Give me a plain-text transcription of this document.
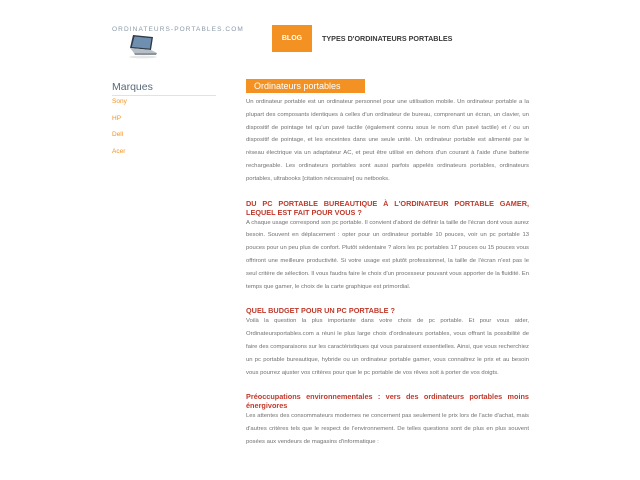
ORDINATEURS-PORTABLES.COM
BLOG	TYPES D'ORDINATEURS PORTABLES
Marques
Sony
HP
Dell
Acer
Ordinateurs portables

Un ordinateur portable est un ordinateur personnel pour une utilisation mobile. Un ordinateur portable a la plupart des composants identiques à celles d'un ordinateur de bureau, comprenant un écran, un clavier, un dispositif de pointage tel qu'un pavé tactile (également connu sous le nom d'un pavé tactile) et / ou un dispositif de pointage, et les enceintes dans une seule unité. Un ordinateur portable est alimenté par le réseau électrique via un adaptateur AC, et peut être utilisé en dehors d'un courant à l'aide d'une batterie rechargeable. Les ordinateurs portables sont aussi parfois appelés ordinateurs portables, ordinateurs portables, ultrabooks [citation nécessaire] ou netbooks.

DU PC PORTABLE BUREAUTIQUE À L'ORDINATEUR PORTABLE GAMER, LEQUEL EST FAIT POUR VOUS ?

A chaque usage correspond son pc portable. Il convient d'abord de définir la taille de l'écran dont vous aurez besoin. Souvent en déplacement : opter pour un ordinateur portable 10 pouces, voir un pc portable 13 pouces pour un peu plus de confort. Plutôt sédentaire ? alors les pc portables 17 pouces ou 15 pouces vous offriront une meilleure productivité. Si votre usage est plutôt professionnel, la taille de l'écran n'est pas le seul critère de sélection. Il vous faudra faire le choix d'un processeur pouvant vous apporter de la fluidité. En temps que gamer, le choix de la carte graphique est primordial.

QUEL BUDGET POUR UN PC PORTABLE ?

Voilà la question la plus importante dans votre choix de pc portable. Et pour vous aider, Ordinateursportables.com a réuni le plus large choix d'ordinateurs portables, vous offrant la possibilité de faire des comparaisons sur les caractéristiques qui vous paraissent essentielles. Ainsi, que vous recherchiez un pc portable bureautique, hybride ou un ordinateur portable gamer, vous connaitrez le prix et au besoin vous pourrez ajuster vos critères pour que le pc portable de vos rêves soit à porter de vos doigts.

Préoccupations environnementales : vers des ordinateurs portables moins énergivores

Les attentes des consommateurs modernes ne concernent pas seulement le prix lors de l'acte d'achat, mais d'autres critères tels que le respect de l'environnement. De telles questions sont de plus en plus souvent posées aux vendeurs de magasins d'informatique :
